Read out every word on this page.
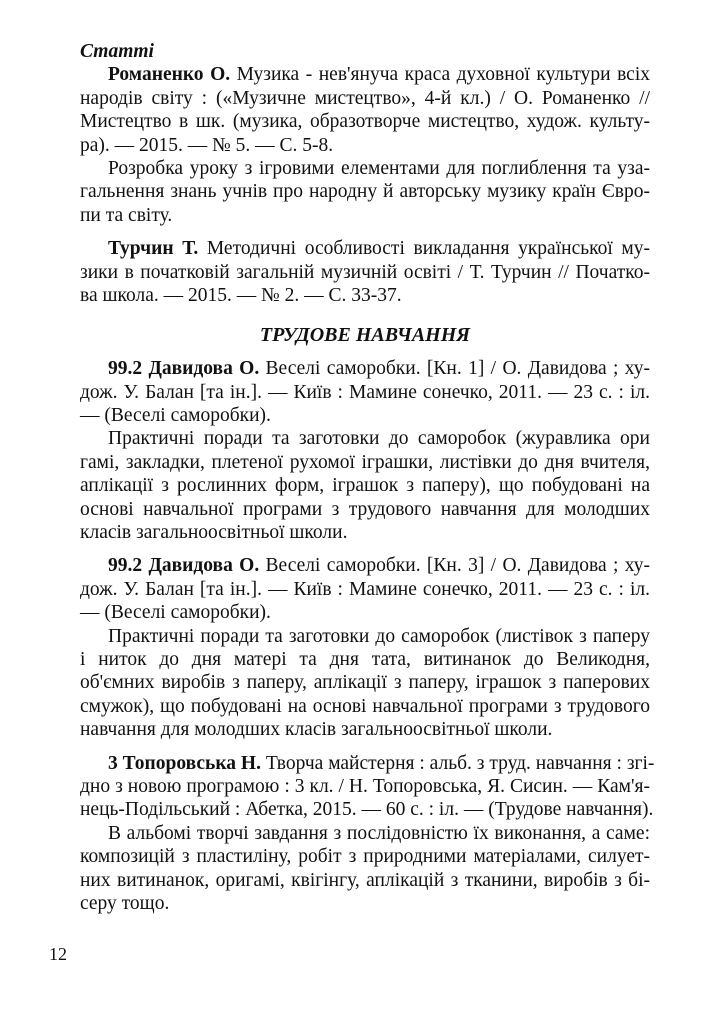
Статті
Романенко О. Музика - нев'януча краса духовної культури всіх
народів світу : («Музичне мистецтво», 4-й кл.) / О. Романенко //
Мистецтво в шк. (музика, образотворче мистецтво, худож. культу-
ра). — 2015. — № 5. — С. 5-8.
Розробка уроку з ігровими елементами для поглиблення та уза-
гальнення знань учнів про народну й авторську музику країн Євро-
пи та світу.
Турчин Т. Методичні особливості викладання української му-
зики в початковій загальній музичній освіті / Т. Турчин // Початко-
ва школа. — 2015. — № 2. — С. 33-37.
ТРУДОВЕ НАВЧАННЯ
99.2 Давидова О. Веселі саморобки. [Кн. 1] / О. Давидова ; ху-
дож. У. Балан [та ін.]. — Київ : Мамине сонечко, 2011. — 23 с. : іл.
— (Веселі саморобки).
Практичні поради та заготовки до саморобок (журавлика ори
гамі, закладки, плетеної рухомої іграшки, листівки до дня вчителя,
аплікації з рослинних форм, іграшок з паперу), що побудовані на
основі навчальної програми з трудового навчання для молодших
класів загальноосвітньої школи.
99.2 Давидова О. Веселі саморобки. [Кн. 3] / О. Давидова ; ху-
дож. У. Балан [та ін.]. — Київ : Мамине сонечко, 2011. — 23 с. : іл.
— (Веселі саморобки).
Практичні поради та заготовки до саморобок (листівок з паперу
і ниток до дня матері та дня тата, витинанок до Великодня,
об'ємних виробів з паперу, аплікації з паперу, іграшок з паперових
смужок), що побудовані на основі навчальної програми з трудового
навчання для молодших класів загальноосвітньої школи.
3 Топоровська Н. Творча майстерня : альб. з труд. навчання : згі-
дно з новою програмою : 3 кл. / Н. Топоровська, Я. Сисин. — Кам'я-
нець-Подільський : Абетка, 2015. — 60 с. : іл. — (Трудове навчання).
В альбомі творчі завдання з послідовністю їх виконання, а саме:
композицій з пластиліну, робіт з природними матеріалами, силует-
них витинанок, оригамі, квігінгу, аплікацій з тканини, виробів з бі-
серу тощо.
12
